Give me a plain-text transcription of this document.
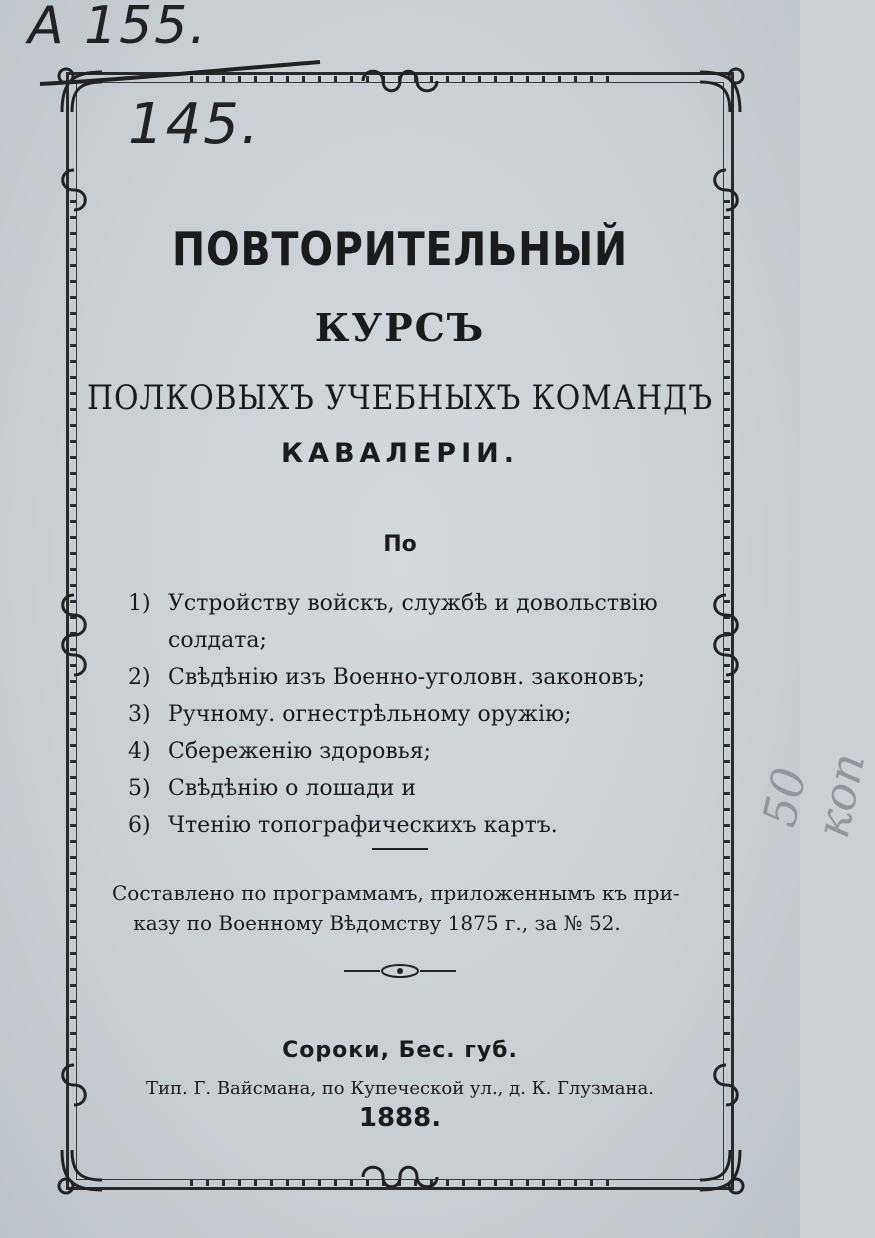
A 155.
145.
50 коп
ПОВТОРИТЕЛЬНЫЙ
КУРСЪ
ПОЛКОВЫХЪ УЧЕБНЫХЪ КОМАНДЪ
КАВАЛЕРІИ.
По
1) Устройству войскъ, службѣ и довольствію солдата;
2) Свѣдѣнію изъ Военно-уголовн. законовъ;
3) Ручному. огнестрѣльному оружію;
4) Сбереженію здоровья;
5) Свѣдѣнію о лошади и
6) Чтенію топографическихъ картъ.
Составлено по программамъ, приложеннымъ къ при-

казу по Военному Вѣдомству 1875 г., за № 52.
Сороки, Бес. губ.
Тип. Г. Вайсмана, по Купеческой ул., д. К. Глузмана.
1888.
